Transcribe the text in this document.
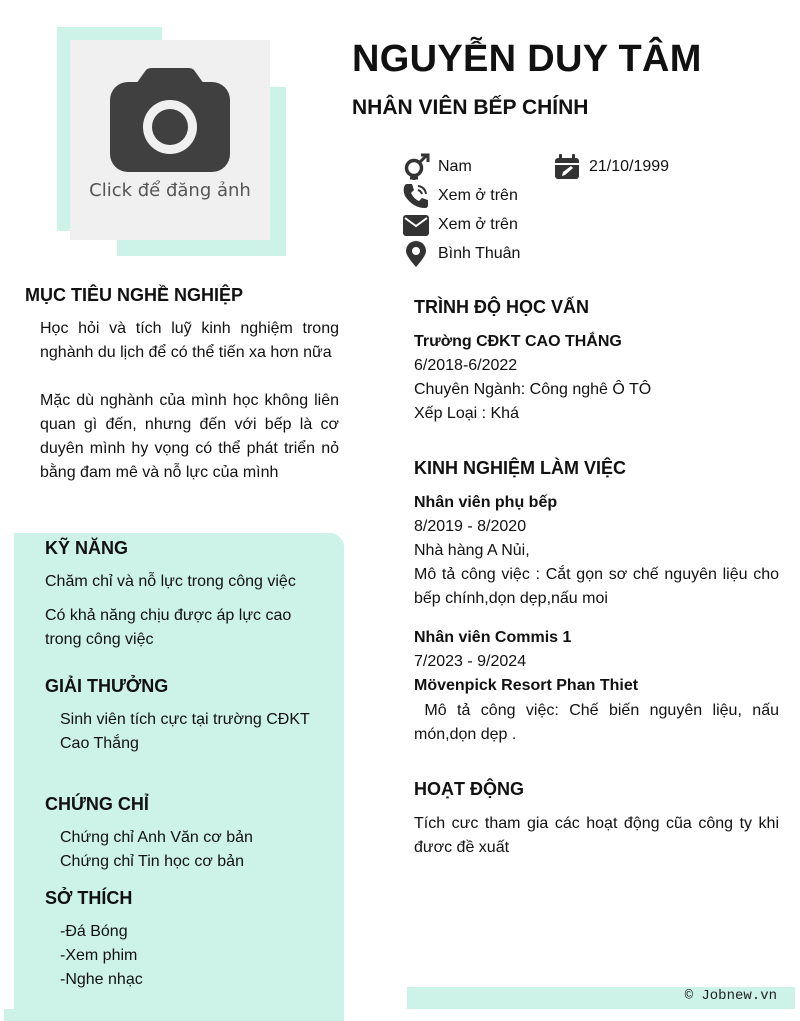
Click để đăng ảnh
NGUYỄN DUY TÂM
NHÂN VIÊN BẾP CHÍNH
Nam	21/10/1999
Xem ở trên
Xem ở trên
Bình Thuân
MỤC TIÊU NGHỀ NGHIỆP
Học hỏi và tích luỹ kinh nghiệm trong nghành du lịch để có thể tiến xa hơn nữa
Mặc dù nghành của mình học không liên quan gì đến, nhưng đến với bếp là cơ duyên mình hy vọng có thể phát triển nỏ bằng đam mê và nỗ lực của mình
KỸ NĂNG
Chăm chỉ và nỗ lực trong công việc
Có khả năng chịu được áp lực cao trong công việc
GIẢI THƯỞNG
Sinh viên tích cực tại trường CĐKT Cao Thắng
CHỨNG CHỈ
Chứng chỉ Anh Văn cơ bản
Chứng chỉ Tin học cơ bản
SỞ THÍCH
-Đá Bóng
-Xem phim
-Nghe nhạc
TRÌNH ĐỘ HỌC VẤN
Trường CĐKT CAO THẮNG
6/2018-6/2022
Chuyên Ngành: Công nghê Ô TÔ
Xếp Loại : Khá
KINH NGHIỆM LÀM VIỆC
Nhân viên phụ bếp
8/2019 - 8/2020
Nhà hàng A Nủi,
Mô tả công việc : Cắt gọn sơ chế nguyên liệu cho bếp chính,dọn dẹp,nấu moi
Nhân viên Commis 1
7/2023 - 9/2024
Mövenpick Resort Phan Thiet
Mô tả công việc: Chế biến nguyên liệu, nấu món,dọn dẹp .
HOẠT ĐỘNG
Tích cưc tham gia các hoạt động cũa công ty khi đươc đề xuất
© Jobnew.vn
